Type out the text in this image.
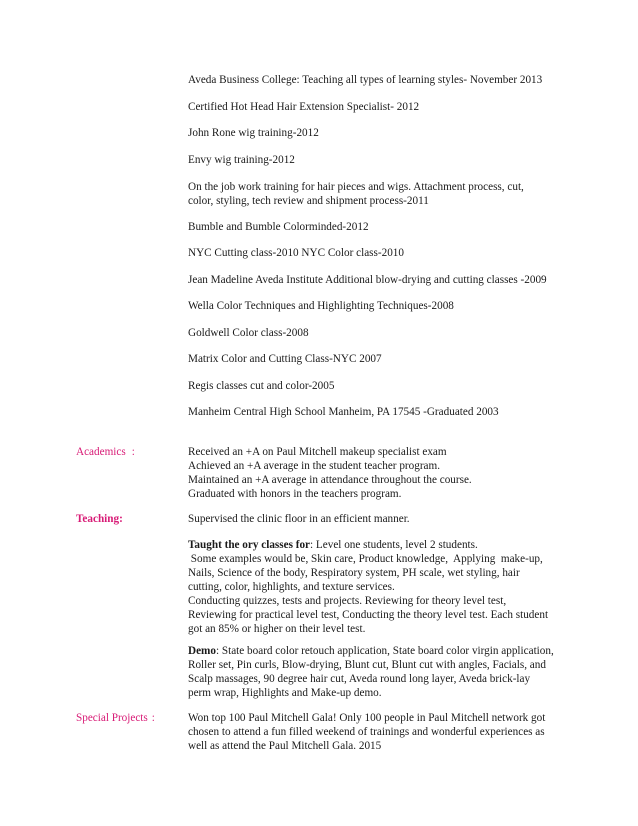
Aveda Business College: Teaching all types of learning styles- November 2013

Certified Hot Head Hair Extension Specialist- 2012

John Rone wig training-2012

Envy wig training-2012

On the job work training for hair pieces and wigs. Attachment process, cut,

color, styling, tech review and shipment process-2011

Bumble and Bumble Colorminded-2012

NYC Cutting class-2010 NYC Color class-2010

Jean Madeline Aveda Institute Additional blow-drying and cutting classes -2009

Wella Color Techniques and Highlighting Techniques-2008

Goldwell Color class-2008

Matrix Color and Cutting Class-NYC 2007

Regis classes cut and color-2005

Manheim Central High School Manheim, PA 17545 -Graduated 2003

Academics :	Received an +A on Paul Mitchell makeup specialist exam

Achieved an +A average in the student teacher program.

Maintained an +A average in attendance throughout the course.

Graduated with honors in the teachers program.

Teaching:	Supervised the clinic floor in an efficient manner.

Taught the ory classes for: Level one students, level 2 students.

Some examples would be, Skin care, Product knowledge,  Applying  make-up,

Nails, Science of the body, Respiratory system, PH scale, wet styling, hair

cutting, color, highlights, and texture services.

Conducting quizzes, tests and projects. Reviewing for theory level test,

Reviewing for practical level test, Conducting the theory level test. Each student

got an 85% or higher on their level test.

Demo: State board color retouch application, State board color virgin application,

Roller set, Pin curls, Blow-drying, Blunt cut, Blunt cut with angles, Facials, and

Scalp massages, 90 degree hair cut, Aveda round long layer, Aveda brick-lay

perm wrap, Highlights and Make-up demo.

Special Projects :	Won top 100 Paul Mitchell Gala! Only 100 people in Paul Mitchell network got

chosen to attend a fun filled weekend of trainings and wonderful experiences as

well as attend the Paul Mitchell Gala. 2015
